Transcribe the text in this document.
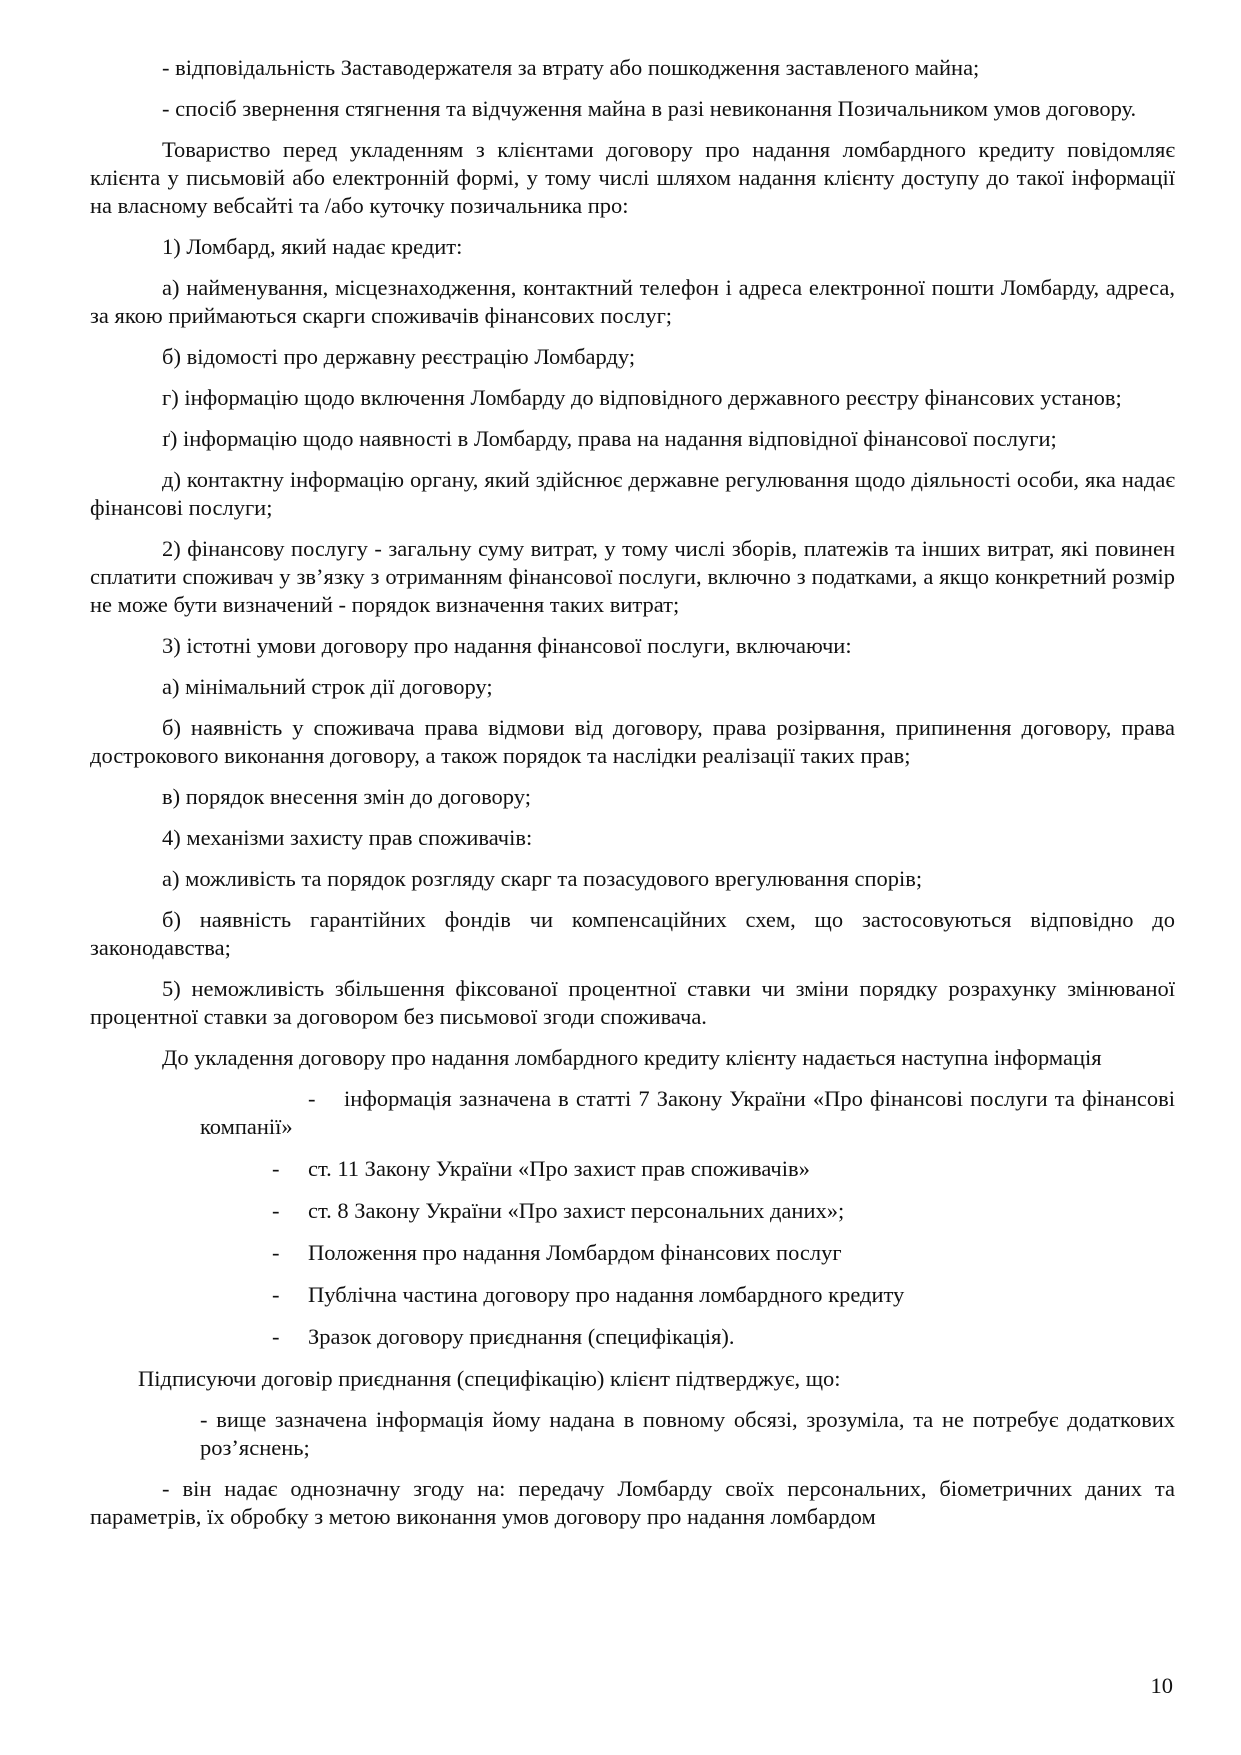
- відповідальність Заставодержателя за втрату або пошкодження заставленого майна;

- спосіб звернення стягнення та відчуження майна в разі невиконання Позичальником умов договору.

Товариство перед укладенням з клієнтами договору про надання ломбардного кредиту повідомляє клієнта у письмовій або електронній формі, у тому числі шляхом надання клієнту доступу до такої інформації на власному вебсайті та /або куточку позичальника про:

1) Ломбард, який надає кредит:

а) найменування, місцезнаходження, контактний телефон і адреса електронної пошти Ломбарду, адреса, за якою приймаються скарги споживачів фінансових послуг;

б) відомості про державну реєстрацію Ломбарду;

г) інформацію щодо включення Ломбарду до відповідного державного реєстру фінансових установ;

ґ) інформацію щодо наявності в Ломбарду, права на надання відповідної фінансової послуги;

д) контактну інформацію органу, який здійснює державне регулювання щодо діяльності особи, яка надає фінансові послуги;

2) фінансову послугу - загальну суму витрат, у тому числі зборів, платежів та інших витрат, які повинен сплатити споживач у зв’язку з отриманням фінансової послуги, включно з податками, а якщо конкретний розмір не може бути визначений - порядок визначення таких витрат;

3) істотні умови договору про надання фінансової послуги, включаючи:

а) мінімальний строк дії договору;

б) наявність у споживача права відмови від договору, права розірвання, припинення договору, права дострокового виконання договору, а також порядок та наслідки реалізації таких прав;

в) порядок внесення змін до договору;

4) механізми захисту прав споживачів:

а) можливість та порядок розгляду скарг та позасудового врегулювання спорів;

б) наявність гарантійних фондів чи компенсаційних схем, що застосовуються відповідно до законодавства;

5) неможливість збільшення фіксованої процентної ставки чи зміни порядку розрахунку змінюваної процентної ставки за договором без письмової згоди споживача.

До укладення договору про надання ломбардного кредиту клієнту надається наступна інформація

- інформація зазначена в статті 7 Закону України «Про фінансові послуги та фінансові компанії»
- ст. 11 Закону України «Про захист прав споживачів»
- ст. 8 Закону України «Про захист персональних даних»;
- Положення про надання Ломбардом фінансових послуг
- Публічна частина договору про надання ломбардного кредиту
- Зразок договору приєднання (специфікація).

Підписуючи договір приєднання (специфікацію) клієнт підтверджує, що:

- вище зазначена інформація йому надана в повному обсязі, зрозуміла, та не потребує додаткових роз’яснень;

- він надає однозначну згоду на: передачу Ломбарду своїх персональних, біометричних даних та параметрів, їх обробку з метою виконання умов договору про надання ломбардом

10
